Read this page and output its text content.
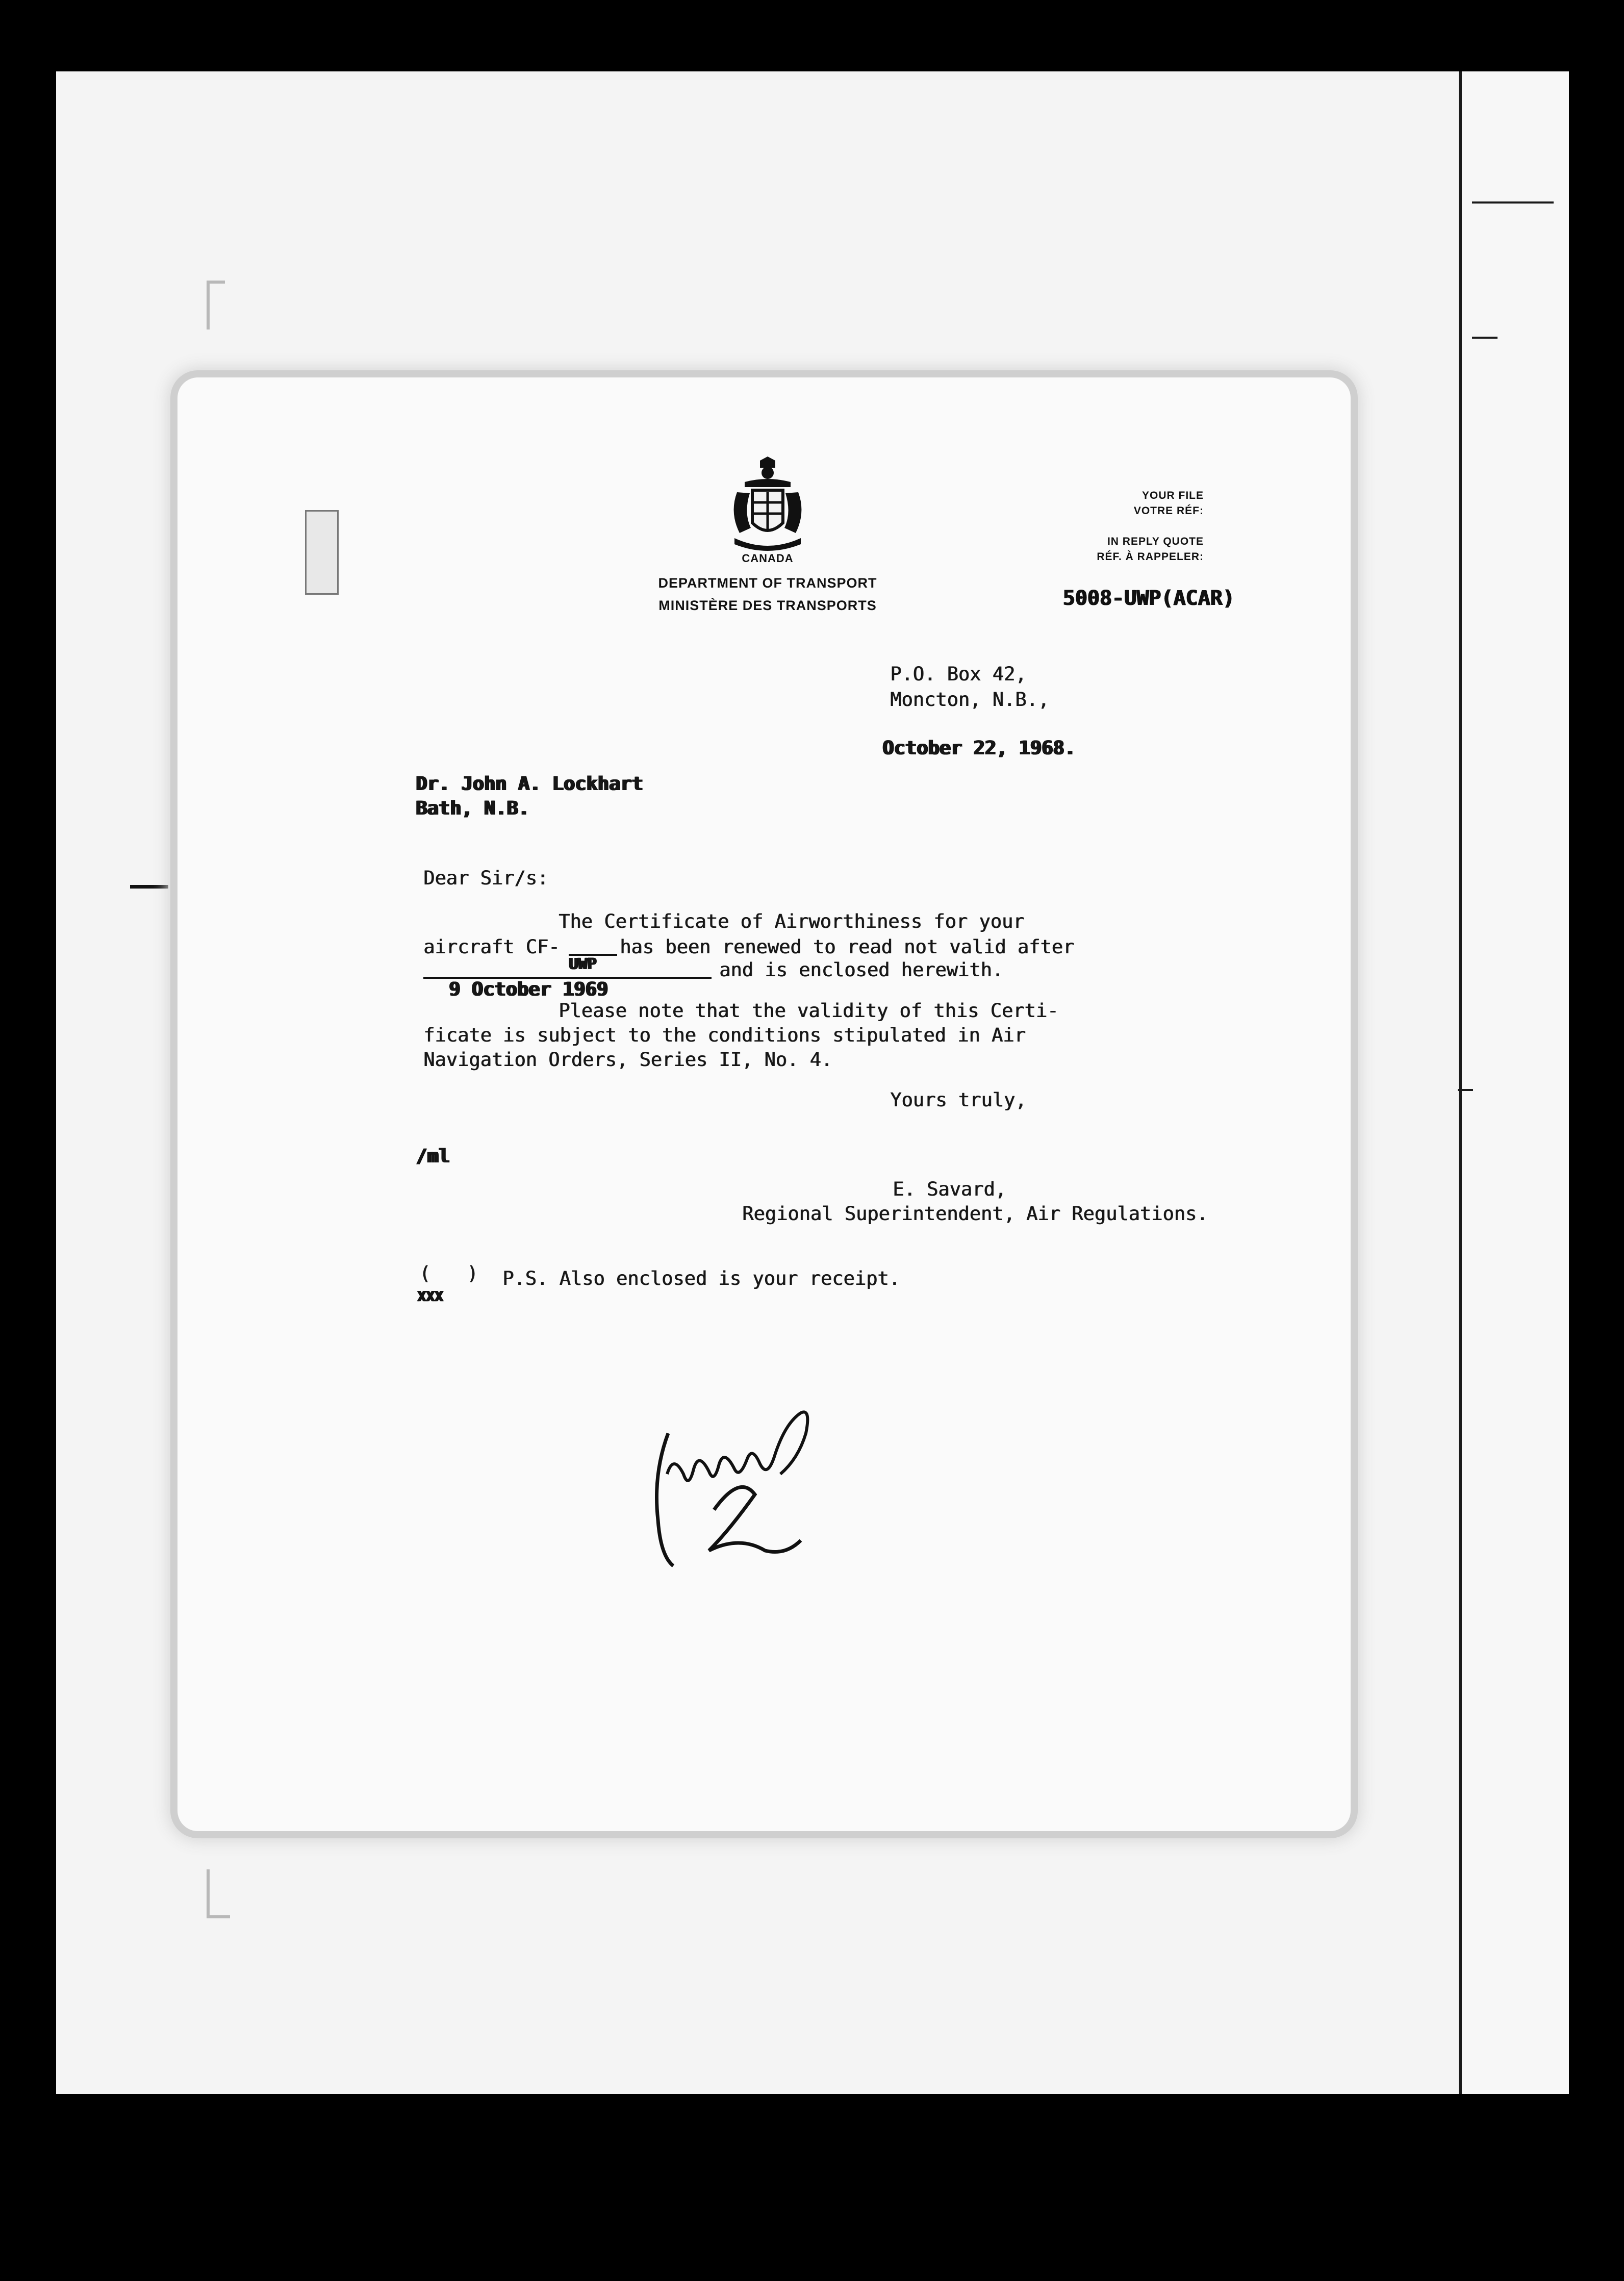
CANADA
DEPARTMENT OF TRANSPORT
MINISTÈRE DES TRANSPORTS
YOUR FILE
VOTRE RÉF:
IN REPLY QUOTE
RÉF. À RAPPELER:
5008-UWP(ACAR)
P.O. Box 42,
Moncton, N.B.,
October 22, 1968.
Dr. John A. Lockhart
Bath, N.B.
Dear Sir/s:
The Certificate of Airworthiness for your
aircraft CF-	has been renewed to read not valid after
UWP	and is enclosed herewith.
9 October 1969
Please note that the validity of this Certi-
ficate is subject to the conditions stipulated in Air
Navigation Orders, Series II, No. 4.
Yours truly,
/ml
E. Savard,
Regional Superintendent, Air Regulations.
(
XXX
) P.S. Also enclosed is your receipt.
